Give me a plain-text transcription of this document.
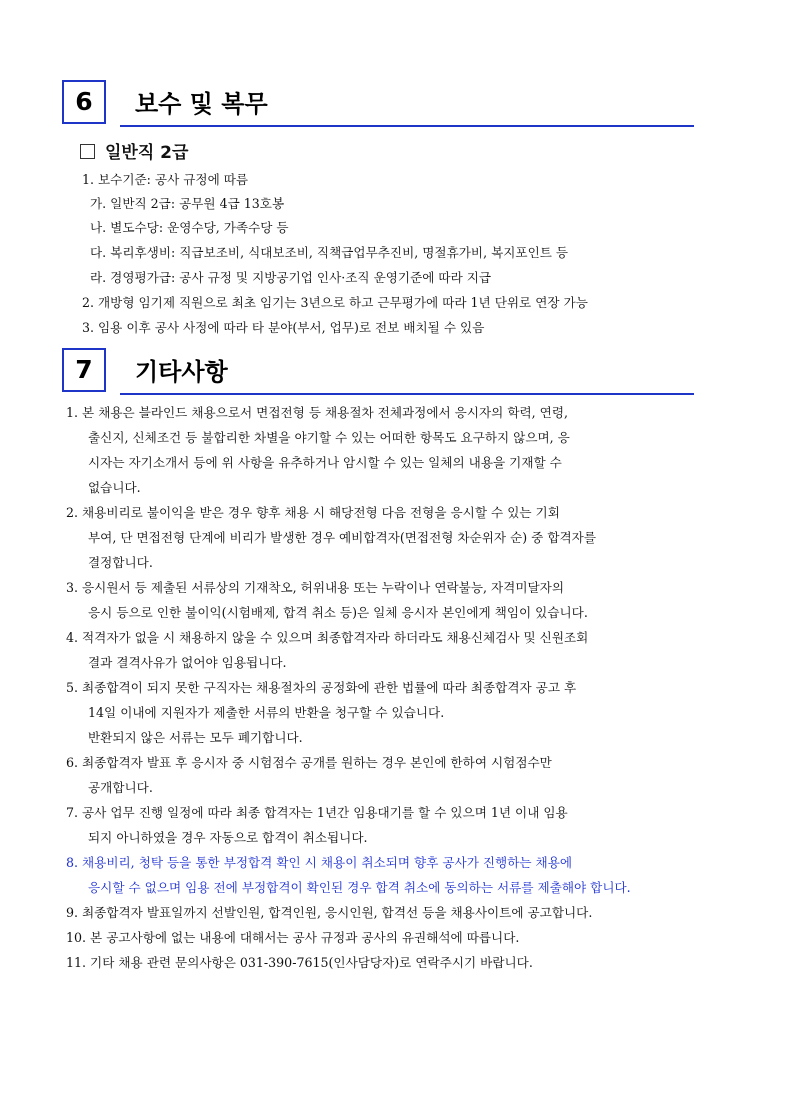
6	보수 및 복무
일반직 2급
1. 보수기준: 공사 규정에 따름
가. 일반직 2급: 공무원 4급 13호봉
나. 별도수당: 운영수당, 가족수당 등
다. 복리후생비: 직급보조비, 식대보조비, 직책급업무추진비, 명절휴가비, 복지포인트 등
라. 경영평가급: 공사 규정 및 지방공기업 인사·조직 운영기준에 따라 지급
2. 개방형 임기제 직원으로 최초 임기는 3년으로 하고 근무평가에 따라 1년 단위로 연장 가능
3. 임용 이후 공사 사정에 따라 타 분야(부서, 업무)로 전보 배치될 수 있음
7	기타사항
1. 본 채용은 블라인드 채용으로서 면접전형 등 채용절차 전체과정에서 응시자의 학력, 연령,
출신지, 신체조건 등 불합리한 차별을 야기할 수 있는 어떠한 항목도 요구하지 않으며, 응
시자는 자기소개서 등에 위 사항을 유추하거나 암시할 수 있는 일체의 내용을 기재할 수
없습니다.
2. 채용비리로 불이익을 받은 경우 향후 채용 시 해당전형 다음 전형을 응시할 수 있는 기회
부여, 단 면접전형 단계에 비리가 발생한 경우 예비합격자(면접전형 차순위자 순) 중 합격자를
결정합니다.
3. 응시원서 등 제출된 서류상의 기재착오, 허위내용 또는 누락이나 연락불능, 자격미달자의
응시 등으로 인한 불이익(시험배제, 합격 취소 등)은 일체 응시자 본인에게 책임이 있습니다.
4. 적격자가 없을 시 채용하지 않을 수 있으며 최종합격자라 하더라도 채용신체검사 및 신원조회
결과 결격사유가 없어야 임용됩니다.
5. 최종합격이 되지 못한 구직자는 채용절차의 공정화에 관한 법률에 따라 최종합격자 공고 후
14일 이내에 지원자가 제출한 서류의 반환을 청구할 수 있습니다.
반환되지 않은 서류는 모두 폐기합니다.
6. 최종합격자 발표 후 응시자 중 시험점수 공개를 원하는 경우 본인에 한하여 시험점수만
공개합니다.
7. 공사 업무 진행 일정에 따라 최종 합격자는 1년간 임용대기를 할 수 있으며 1년 이내 임용
되지 아니하였을 경우 자동으로 합격이 취소됩니다.
8. 채용비리, 청탁 등을 통한 부정합격 확인 시 채용이 취소되며 향후 공사가 진행하는 채용에
응시할 수 없으며 임용 전에 부정합격이 확인된 경우 합격 취소에 동의하는 서류를 제출해야 합니다.
9. 최종합격자 발표일까지 선발인원, 합격인원, 응시인원, 합격선 등을 채용사이트에 공고합니다.
10. 본 공고사항에 없는 내용에 대해서는 공사 규정과 공사의 유권해석에 따릅니다.
11. 기타 채용 관련 문의사항은 031-390-7615(인사담당자)로 연락주시기 바랍니다.
